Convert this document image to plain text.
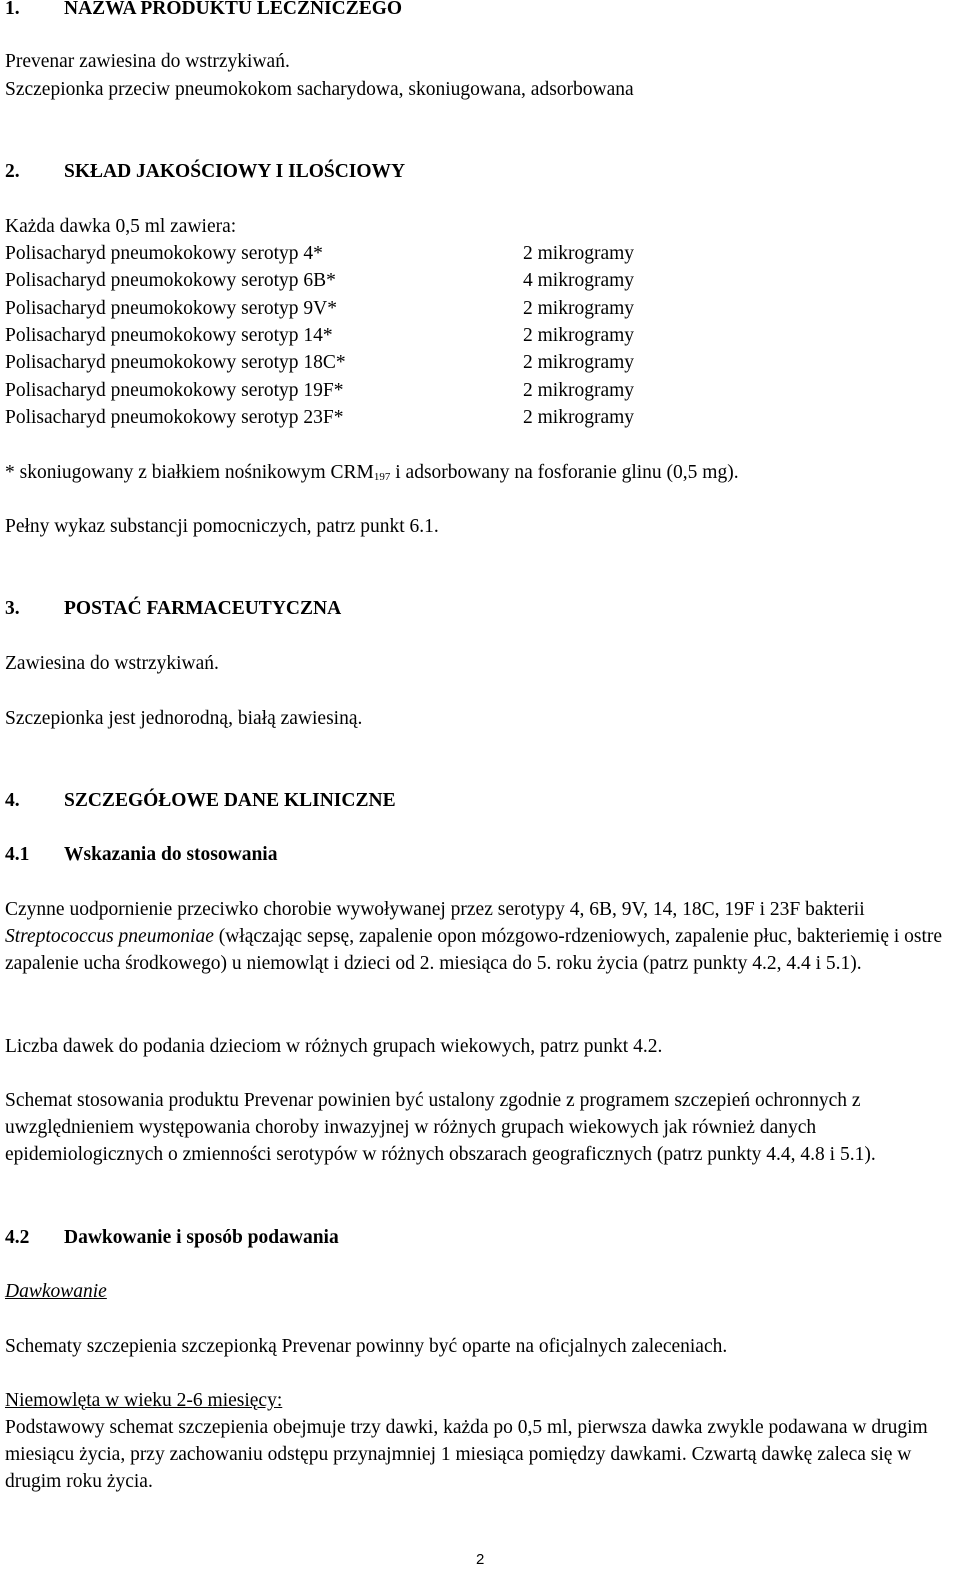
1. NAZWA PRODUKTU LECZNICZEGO
Prevenar zawiesina do wstrzykiwań.
Szczepionka przeciw pneumokokom sacharydowa, skoniugowana, adsorbowana
2. SKŁAD JAKOŚCIOWY I ILOŚCIOWY
Każda dawka 0,5 ml zawiera:
Polisacharyd pneumokokowy serotyp 4*	2 mikrogramy
Polisacharyd pneumokokowy serotyp 6B*	4 mikrogramy
Polisacharyd pneumokokowy serotyp 9V*	2 mikrogramy
Polisacharyd pneumokokowy serotyp 14*	2 mikrogramy
Polisacharyd pneumokokowy serotyp 18C*	2 mikrogramy
Polisacharyd pneumokokowy serotyp 19F*	2 mikrogramy
Polisacharyd pneumokokowy serotyp 23F*	2 mikrogramy
* skoniugowany z białkiem nośnikowym $CRM_{197}$ i adsorbowany na fosforanie glinu (0,5 mg).
Pełny wykaz substancji pomocniczych, patrz punkt 6.1.
3. POSTAĆ FARMACEUTYCZNA
Zawiesina do wstrzykiwań.
Szczepionka jest jednorodną, białą zawiesiną.
4. SZCZEGÓŁOWE DANE KLINICZNE
4.1 Wskazania do stosowania
Czynne uodpornienie przeciwko chorobie wywoływanej przez serotypy 4, 6B, 9V, 14, 18C, 19F i 23F bakterii Streptococcus pneumoniae (włączając sepsę, zapalenie opon mózgowo-rdzeniowych, zapalenie płuc, bakteriemię i ostre zapalenie ucha środkowego) u niemowląt i dzieci od 2. miesiąca do 5. roku życia (patrz punkty 4.2, 4.4 i 5.1).
Liczba dawek do podania dzieciom w różnych grupach wiekowych, patrz punkt 4.2.
Schemat stosowania produktu Prevenar powinien być ustalony zgodnie z programem szczepień ochronnych z uwzględnieniem występowania choroby inwazyjnej w różnych grupach wiekowych jak również danych epidemiologicznych o zmienności serotypów w różnych obszarach geograficznych (patrz punkty 4.4, 4.8 i 5.1).
4.2 Dawkowanie i sposób podawania
Dawkowanie
Schematy szczepienia szczepionką Prevenar powinny być oparte na oficjalnych zaleceniach.
Niemowlęta w wieku 2-6 miesięcy:
Podstawowy schemat szczepienia obejmuje trzy dawki, każda po 0,5 ml, pierwsza dawka zwykle podawana w drugim miesiącu życia, przy zachowaniu odstępu przynajmniej 1 miesiąca pomiędzy dawkami. Czwartą dawkę zaleca się w drugim roku życia.
2
